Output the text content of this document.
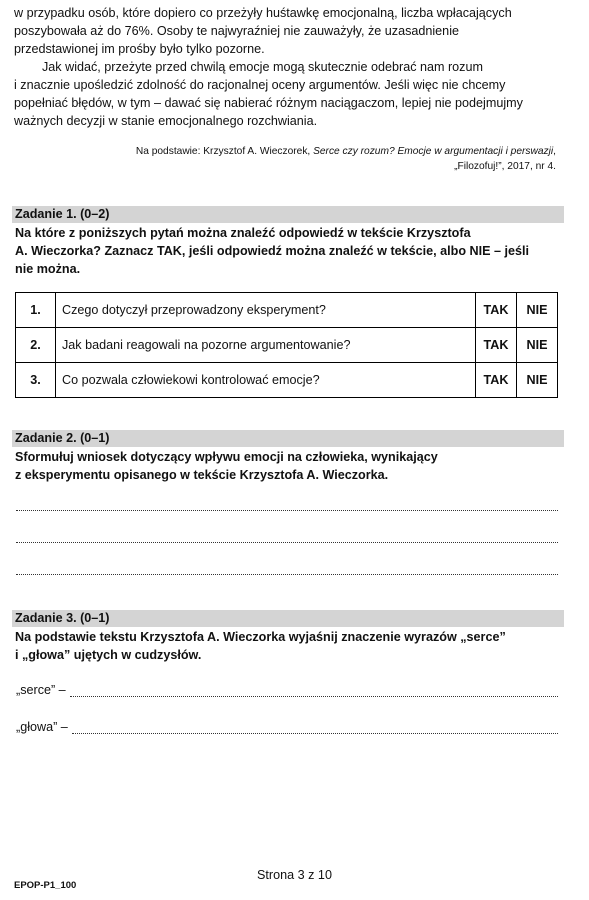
w przypadku osób, które dopiero co przeżyły huśtawkę emocjonalną, liczba wpłacających
poszybowała aż do 76%. Osoby te najwyraźniej nie zauważyły, że uzasadnienie
przedstawionej im prośby było tylko pozorne.

Jak widać, przeżyte przed chwilą emocje mogą skutecznie odebrać nam rozum
i znacznie upośledzić zdolność do racjonalnej oceny argumentów. Jeśli więc nie chcemy
popełniać błędów, w tym – dawać się nabierać różnym naciągaczom, lepiej nie podejmujmy
ważnych decyzji w stanie emocjonalnego rozchwiania.

Na podstawie: Krzysztof A. Wieczorek, Serce czy rozum? Emocje w argumentacji i perswazji,
„Filozofuj!”, 2017, nr 4.
Zadanie 1. (0–2)

Na które z poniższych pytań można znaleźć odpowiedź w tekście Krzysztofa
A. Wieczorka? Zaznacz TAK, jeśli odpowiedź można znaleźć w tekście, albo NIE – jeśli
nie można.

1.	Czego dotyczył przeprowadzony eksperyment?	TAK	NIE
2.	Jak badani reagowali na pozorne argumentowanie?	TAK	NIE
3.	Co pozwala człowiekowi kontrolować emocje?	TAK	NIE
Zadanie 2. (0–1)

Sformułuj wniosek dotyczący wpływu emocji na człowieka, wynikający
z eksperymentu opisanego w tekście Krzysztofa A. Wieczorka.

Zadanie 3. (0–1)

Na podstawie tekstu Krzysztofa A. Wieczorka wyjaśnij znaczenie wyrazów „serce”
i „głowa” ujętych w cudzysłów.

„serce” –
„głowa” –
Strona 3 z 10
EPOP-P1_100
